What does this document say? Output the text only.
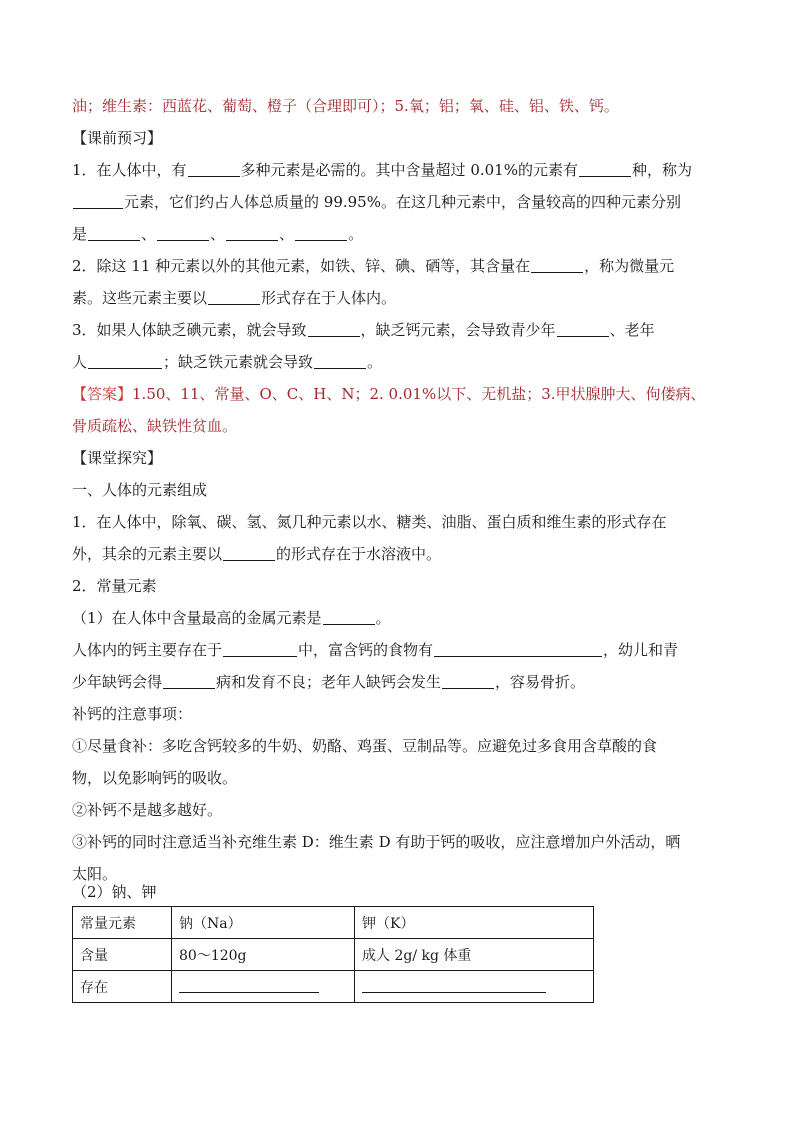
油；维生素：西蓝花、葡萄、橙子（合理即可）；5.氧；铝；氧、硅、铝、铁、钙。
【课前预习】
1．在人体中，有	多种元素是必需的。其中含量超过 0.01%的元素有	种，称为
元素，它们约占人体总质量的 99.95%。在这几种元素中，含量较高的四种元素分别
是	、	、	、	。
2．除这 11 种元素以外的其他元素，如铁、锌、碘、硒等，其含量在	，称为微量元
素。这些元素主要以	形式存在于人体内。
3．如果人体缺乏碘元素，就会导致	，缺乏钙元素，会导致青少年	、老年
人	；缺乏铁元素就会导致	。
【答案】1.50、11、常量、O、C、H、N；2. 0.01%以下、无机盐；3.甲状腺肿大、佝偻病、
骨质疏松、缺铁性贫血。
【课堂探究】
一、人体的元素组成
1．在人体中，除氧、碳、氢、氮几种元素以水、糖类、油脂、蛋白质和维生素的形式存在
外，其余的元素主要以	的形式存在于水溶液中。
2．常量元素
（1）在人体中含量最高的金属元素是	。
人体内的钙主要存在于	中，富含钙的食物有	，幼儿和青
少年缺钙会得	病和发育不良；老年人缺钙会发生	，容易骨折。
补钙的注意事项：
①尽量食补：多吃含钙较多的牛奶、奶酪、鸡蛋、豆制品等。应避免过多食用含草酸的食
物，以免影响钙的吸收。
②补钙不是越多越好。
③补钙的同时注意适当补充维生素 D：维生素 D 有助于钙的吸收，应注意增加户外活动，晒
太阳。
（2）钠、钾
常量元素	钠（Na）	钾（K）
含量	80～120g	成人 2g/ kg 体重
存在		
